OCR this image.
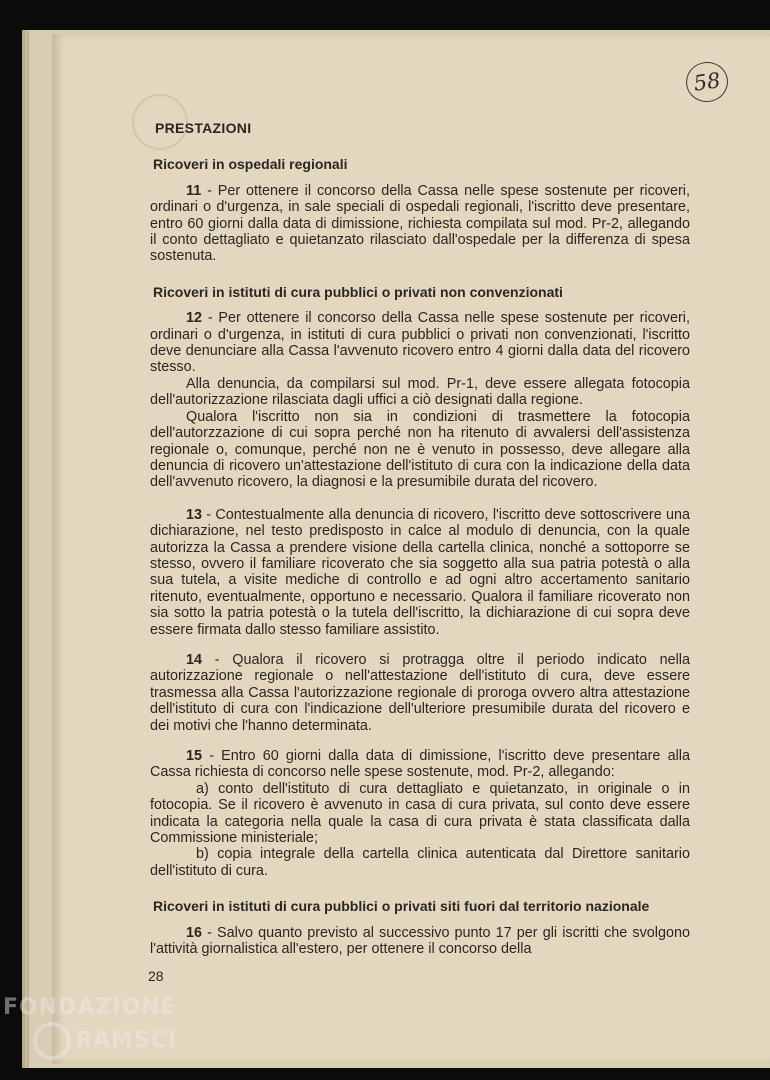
58

PRESTAZIONI

Ricoveri in ospedali regionali

11 - Per ottenere il concorso della Cassa nelle spese sostenute per ricoveri, ordinari o d'urgenza, in sale speciali di ospedali regionali, l'iscritto deve presentare, entro 60 giorni dalla data di dimissione, richiesta compilata sul mod. Pr-2, allegando il conto dettagliato e quietanzato rilasciato dall'ospedale per la differenza di spesa sostenuta.

Ricoveri in istituti di cura pubblici o privati non convenzionati

12 - Per ottenere il concorso della Cassa nelle spese sostenute per ricoveri, ordinari o d'urgenza, in istituti di cura pubblici o privati non convenzionati, l'iscritto deve denunciare alla Cassa l'avvenuto ricovero entro 4 giorni dalla data del ricovero stesso.

Alla denuncia, da compilarsi sul mod. Pr-1, deve essere allegata fotocopia dell'autorizzazione rilasciata dagli uffici a ciò designati dalla regione.

Qualora l'iscritto non sia in condizioni di trasmettere la fotocopia dell'autorzzazione di cui sopra perché non ha ritenuto di avvalersi dell'assistenza regionale o, comunque, perché non ne è venuto in possesso, deve allegare alla denuncia di ricovero un'attestazione dell'istituto di cura con la indicazione della data dell'avvenuto ricovero, la diagnosi e la presumibile durata del ricovero.

13 - Contestualmente alla denuncia di ricovero, l'iscritto deve sottoscrivere una dichiarazione, nel testo predisposto in calce al modulo di denuncia, con la quale autorizza la Cassa a prendere visione della cartella clinica, nonché a sottoporre se stesso, ovvero il familiare ricoverato che sia soggetto alla sua patria potestà o alla sua tutela, a visite mediche di controllo e ad ogni altro accertamento sanitario ritenuto, eventualmente, opportuno e necessario. Qualora il familiare ricoverato non sia sotto la patria potestà o la tutela dell'iscritto, la dichiarazione di cui sopra deve essere firmata dallo stesso familiare assistito.

14 - Qualora il ricovero si protragga oltre il periodo indicato nella autorizzazione regionale o nell'attestazione dell'istituto di cura, deve essere trasmessa alla Cassa l'autorizzazione regionale di proroga ovvero altra attestazione dell'istituto di cura con l'indicazione dell'ulteriore presumibile durata del ricovero e dei motivi che l'hanno determinata.

15 - Entro 60 giorni dalla data di dimissione, l'iscritto deve presentare alla Cassa richiesta di concorso nelle spese sostenute, mod. Pr-2, allegando:

a) conto dell'istituto di cura dettagliato e quietanzato, in originale o in fotocopia. Se il ricovero è avvenuto in casa di cura privata, sul conto deve essere indicata la categoria nella quale la casa di cura privata è stata classificata dalla Commissione ministeriale;

b) copia integrale della cartella clinica autenticata dal Direttore sanitario dell'istituto di cura.

Ricoveri in istituti di cura pubblici o privati siti fuori dal territorio nazionale

16 - Salvo quanto previsto al successivo punto 17 per gli iscritti che svolgono l'attività giornalistica all'estero, per ottenere il concorso della

28
FONDAZIONE
RAMSCI
